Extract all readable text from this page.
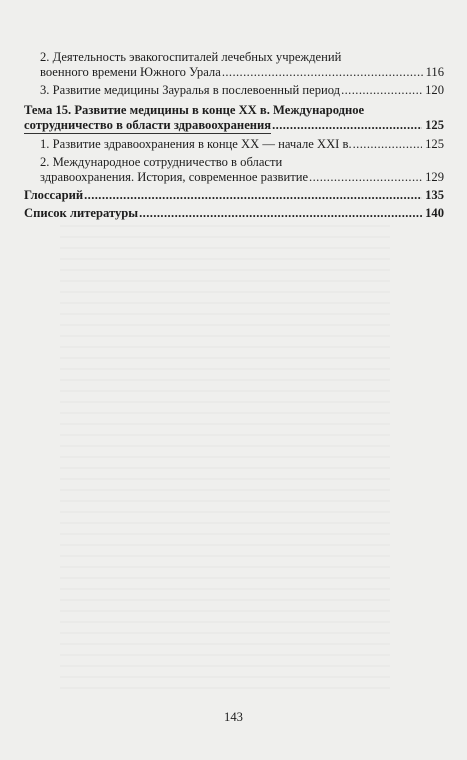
2. Деятельность эвакогоспиталей лечебных учреждений
военного времени Южного Урала .....	116
3. Развитие медицины Зауралья в послевоенный период .....	120
Тема 15. Развитие медицины в конце XX в. Международное
сотрудничество в области здравоохранения .....	125
1. Развитие здравоохранения в конце XX — начале XXI в. .....	125
2. Международное сотрудничество в области
здравоохранения. История, современное развитие .....	129
Глоссарий .....	135
Список литературы .....	140
143
